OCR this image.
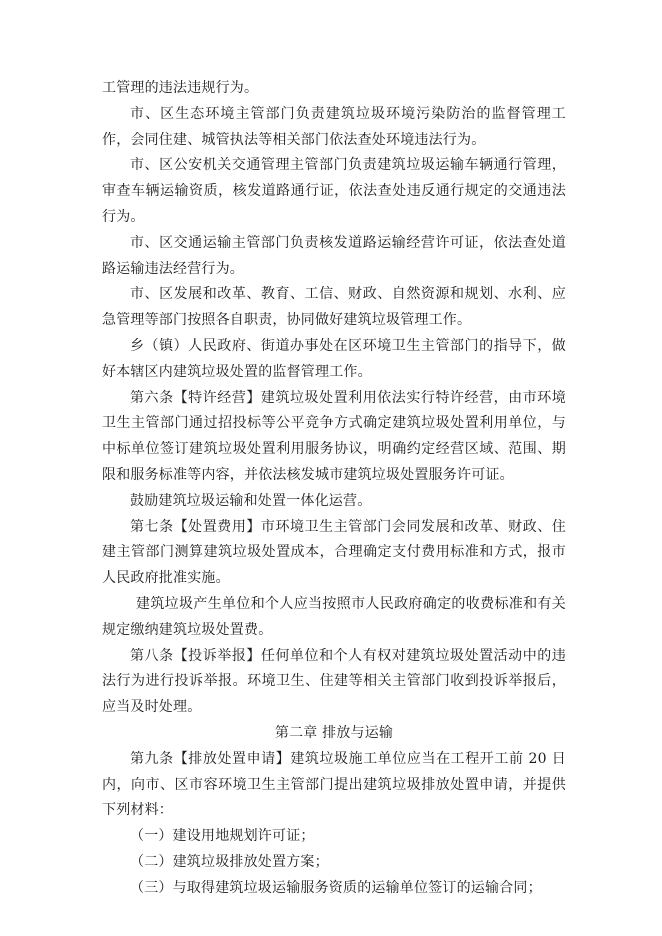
工管理的违法违规行为。

市、区生态环境主管部门负责建筑垃圾环境污染防治的监督管理工作，会同住建、城管执法等相关部门依法查处环境违法行为。

市、区公安机关交通管理主管部门负责建筑垃圾运输车辆通行管理，审查车辆运输资质，核发道路通行证，依法查处违反通行规定的交通违法行为。

市、区交通运输主管部门负责核发道路运输经营许可证，依法查处道路运输违法经营行为。

市、区发展和改革、教育、工信、财政、自然资源和规划、水利、应急管理等部门按照各自职责，协同做好建筑垃圾管理工作。

乡（镇）人民政府、街道办事处在区环境卫生主管部门的指导下，做好本辖区内建筑垃圾处置的监督管理工作。

第六条【特许经营】建筑垃圾处置利用依法实行特许经营，由市环境卫生主管部门通过招投标等公平竞争方式确定建筑垃圾处置利用单位，与中标单位签订建筑垃圾处置利用服务协议，明确约定经营区域、范围、期限和服务标准等内容，并依法核发城市建筑垃圾处置服务许可证。

鼓励建筑垃圾运输和处置一体化运营。

第七条【处置费用】市环境卫生主管部门会同发展和改革、财政、住建主管部门测算建筑垃圾处置成本，合理确定支付费用标准和方式，报市人民政府批准实施。

建筑垃圾产生单位和个人应当按照市人民政府确定的收费标准和有关规定缴纳建筑垃圾处置费。

第八条【投诉举报】任何单位和个人有权对建筑垃圾处置活动中的违法行为进行投诉举报。环境卫生、住建等相关主管部门收到投诉举报后，应当及时处理。

第二章 排放与运输

第九条【排放处置申请】建筑垃圾施工单位应当在工程开工前 20 日内，向市、区市容环境卫生主管部门提出建筑垃圾排放处置申请，并提供下列材料：

（一）建设用地规划许可证；

（二）建筑垃圾排放处置方案；

（三）与取得建筑垃圾运输服务资质的运输单位签订的运输合同；
